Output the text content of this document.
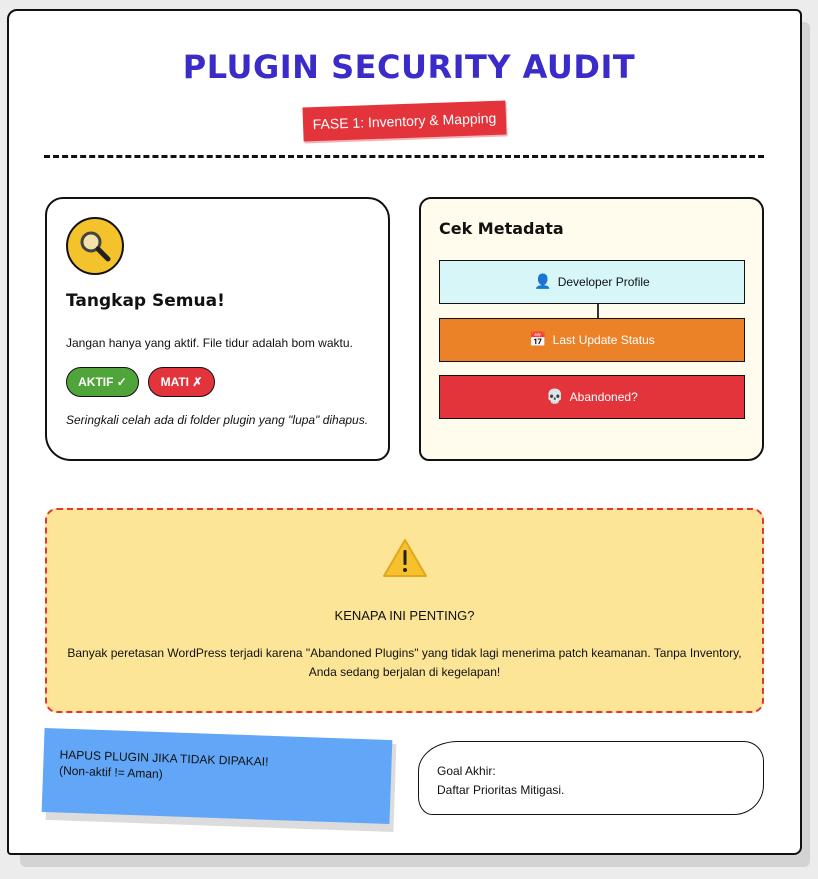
PLUGIN SECURITY AUDIT
FASE 1: Inventory & Mapping
Tangkap Semua!
Jangan hanya yang aktif. File tidur adalah bom waktu.
AKTIF ✓	MATI ✗
Seringkali celah ada di folder plugin yang "lupa" dihapus.
Cek Metadata
👤 Developer Profile
📅 Last Update Status
💀 Abandoned?
KENAPA INI PENTING?
Banyak peretasan WordPress terjadi karena "Abandoned Plugins" yang tidak lagi menerima patch keamanan. Tanpa Inventory, Anda sedang berjalan di kegelapan!
HAPUS PLUGIN JIKA TIDAK DIPAKAI!
(Non-aktif != Aman)	Goal Akhir:
Daftar Prioritas Mitigasi.
